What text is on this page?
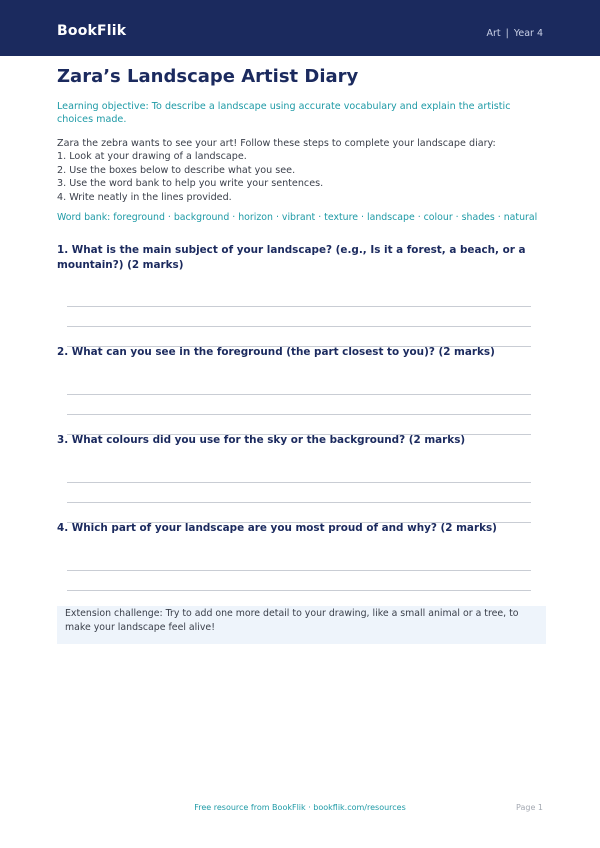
BookFlik	Art | Year 4
Zara’s Landscape Artist Diary
Learning objective: To describe a landscape using accurate vocabulary and explain the artistic choices made.
Zara the zebra wants to see your art! Follow these steps to complete your landscape diary:
1. Look at your drawing of a landscape.
2. Use the boxes below to describe what you see.
3. Use the word bank to help you write your sentences.
4. Write neatly in the lines provided.
Word bank: foreground · background · horizon · vibrant · texture · landscape · colour · shades · natural
1. What is the main subject of your landscape? (e.g., Is it a forest, a beach, or a mountain?) (2 marks)
2. What can you see in the foreground (the part closest to you)? (2 marks)
3. What colours did you use for the sky or the background? (2 marks)
4. Which part of your landscape are you most proud of and why? (2 marks)
Extension challenge: Try to add one more detail to your drawing, like a small animal or a tree, to make your landscape feel alive!
Free resource from BookFlik · bookflik.com/resources	Page 1
